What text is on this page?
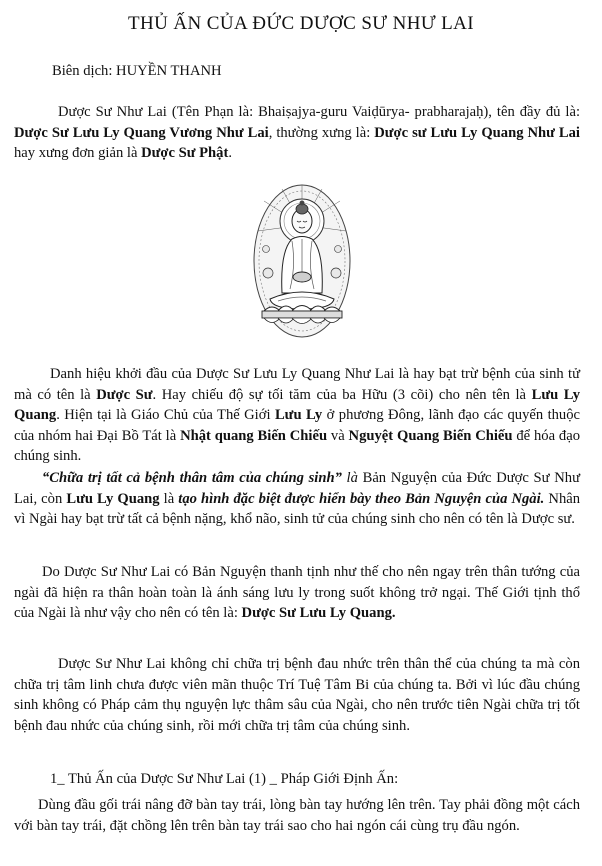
THỦ ẤN CỦA ĐỨC DƯỢC SƯ NHƯ LAI
Biên dịch: HUYỀN THANH

Dược Sư Như Lai (Tên Phạn là: Bhaiṣajya-guru Vaiḍūrya- prabharajaḥ), tên đầy đủ là: Dược Sư Lưu Ly Quang Vương Như Lai, thường xưng là: Dược sư Lưu Ly Quang Như Lai hay xưng đơn giản là Dược Sư Phật.

Danh hiệu khởi đầu của Dược Sư Lưu Ly Quang Như Lai là hay bạt trừ bệnh của sinh tử mà có tên là Dược Sư. Hay chiếu độ sự tối tăm của ba Hữu (3 cõi) cho nên tên là Lưu Ly Quang. Hiện tại là Giáo Chủ của Thế Giới Lưu Ly ở phương Đông, lãnh đạo các quyến thuộc của nhóm hai Đại Bồ Tát là Nhật quang Biến Chiếu và Nguyệt Quang Biến Chiếu để hóa đạo chúng sinh.

“Chữa trị tất cả bệnh thân tâm của chúng sinh” là Bản Nguyện của Đức Dược Sư Như Lai, còn Lưu Ly Quang là tạo hình đặc biệt được hiển bày theo Bản Nguyện của Ngài. Nhân vì Ngài hay bạt trừ tất cả bệnh nặng, khổ não, sinh tử của chúng sinh cho nên có tên là Dược sư.

Do Dược Sư Như Lai có Bản Nguyện thanh tịnh như thế cho nên ngay trên thân tướng của ngài đã hiện ra thân hoàn toàn là ánh sáng lưu ly trong suốt không trở ngại. Thế Giới tịnh thổ của Ngài là như vậy cho nên có tên là: Dược Sư Lưu Ly Quang.

Dược Sư Như Lai không chỉ chữa trị bệnh đau nhức trên thân thể của chúng ta mà còn chữa trị tâm linh chưa được viên mãn thuộc Trí Tuệ Tâm Bi của chúng ta. Bởi vì lúc đầu chúng sinh không có Pháp cảm thụ nguyện lực thâm sâu của Ngài, cho nên trước tiên Ngài chữa trị tốt bệnh đau nhức của chúng sinh, rồi mới chữa trị tâm của chúng sinh.

1_ Thủ Ấn của Dược Sư Như Lai (1) _ Pháp Giới Định Ấn:

Dùng đầu gối trái nâng đỡ bàn tay trái, lòng bàn tay hướng lên trên. Tay phải đồng một cách với bàn tay trái, đặt chồng lên trên bàn tay trái sao cho hai ngón cái cùng trụ đầu ngón.
